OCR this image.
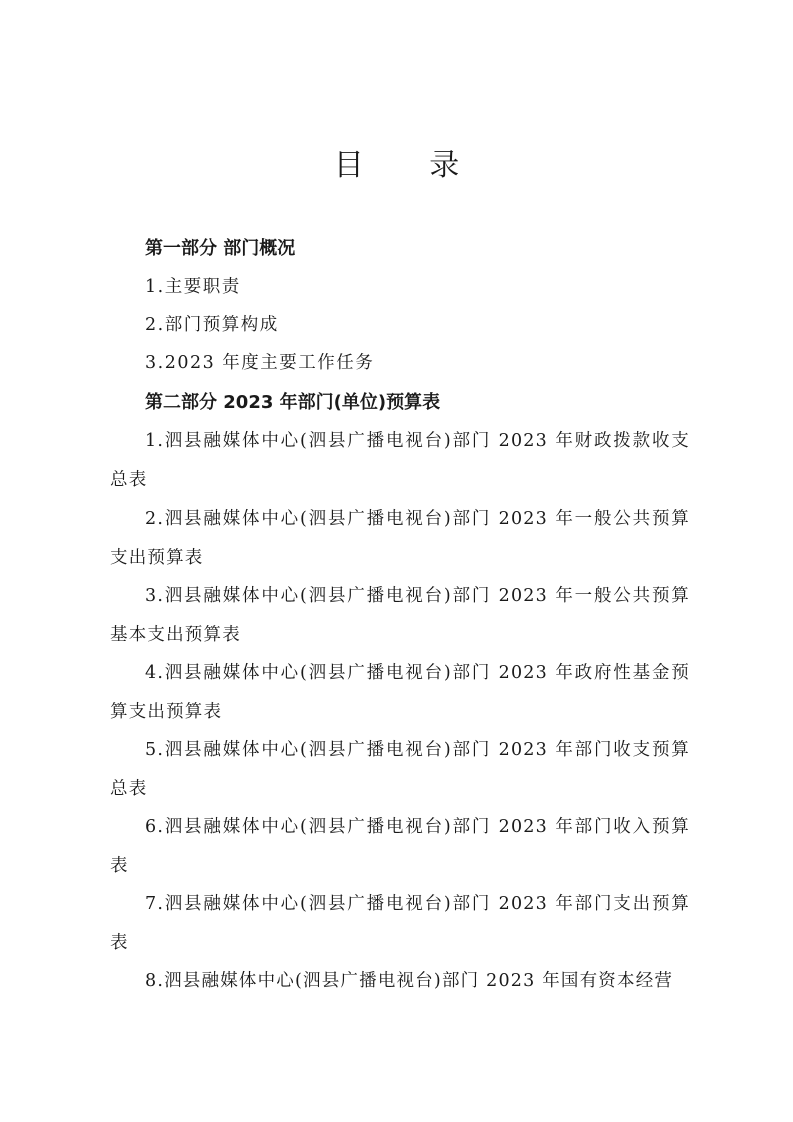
目 录
第一部分 部门概况
1.主要职责
2.部门预算构成
3.2023 年度主要工作任务
第二部分 2023 年部门(单位)预算表
1.泗县融媒体中心(泗县广播电视台)部门 2023 年财政拨款收支总表
2.泗县融媒体中心(泗县广播电视台)部门 2023 年一般公共预算支出预算表
3.泗县融媒体中心(泗县广播电视台)部门 2023 年一般公共预算基本支出预算表
4.泗县融媒体中心(泗县广播电视台)部门 2023 年政府性基金预算支出预算表
5.泗县融媒体中心(泗县广播电视台)部门 2023 年部门收支预算总表
6.泗县融媒体中心(泗县广播电视台)部门 2023 年部门收入预算表
7.泗县融媒体中心(泗县广播电视台)部门 2023 年部门支出预算表
8.泗县融媒体中心(泗县广播电视台)部门 2023 年国有资本经营
